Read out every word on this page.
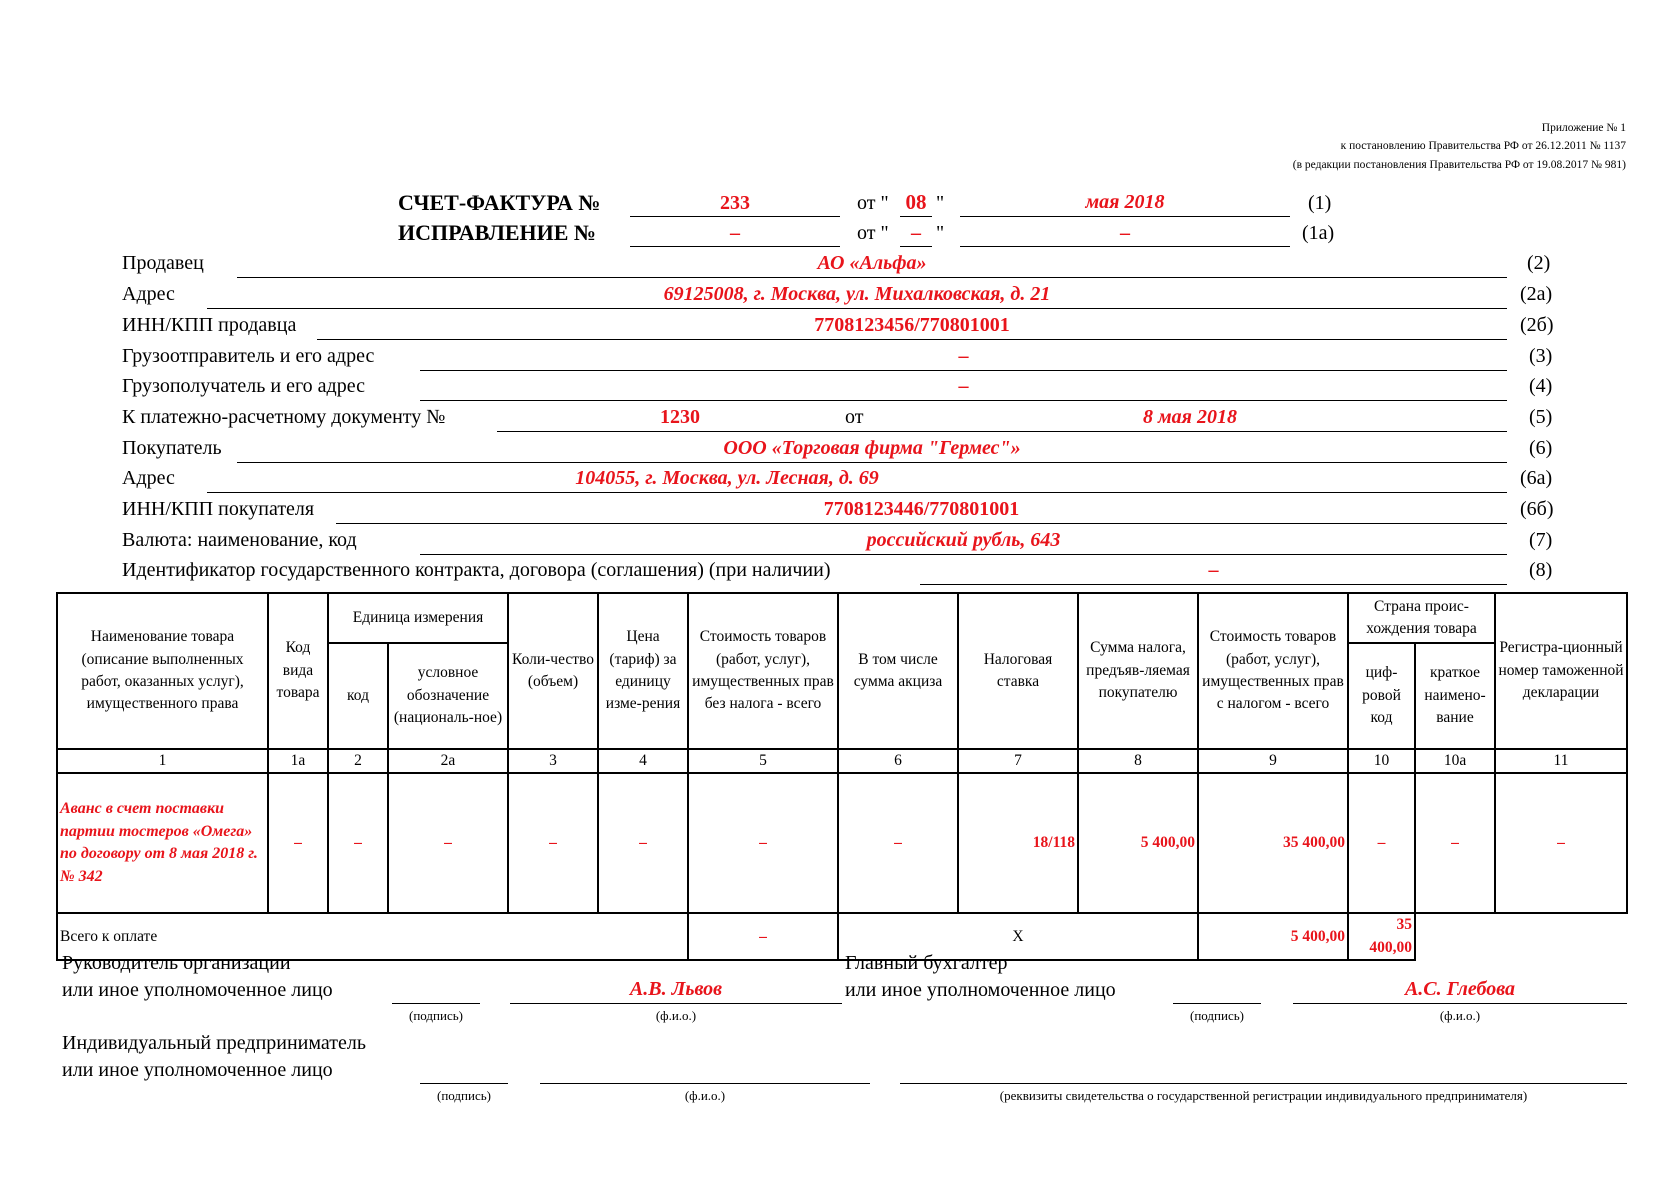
Приложение № 1
к постановлению Правительства РФ от 26.12.2011 № 1137
(в редакции постановления Правительства РФ от 19.08.2017 № 981)
СЧЕТ-ФАКТУРА №	233	от " 08 "	мая 2018	(1)
ИСПРАВЛЕНИЕ №	–	от "	– "	–	(1а)
Продавец	АО «Альфа»	(2)
Адрес	69125008, г. Москва, ул. Михалковская, д. 21	(2а)
ИНН/КПП продавца	7708123456/770801001	(2б)
Грузоотправитель и его адрес	–	(3)
Грузополучатель и его адрес	–	(4)
К платежно-расчетному документу №	1230	от	8 мая 2018	(5)
Покупатель	ООО «Торговая фирма "Гермес"»	(6)
Адрес	104055, г. Москва, ул. Лесная, д. 69	(6а)
ИНН/КПП покупателя	7708123446/770801001	(6б)
Валюта: наименование, код	российский рубль, 643	(7)
Идентификатор государственного контракта, договора (соглашения) (при наличии)	–	(8)
Наименование товара (описание выполненных работ, оказанных услуг), имущественного права	Код вида товара	Единица измерения		Коли-чество (объем)	Цена (тариф) за единицу изме-рения	Стоимость товаров (работ, услуг), имущественных прав без налога - всего	В том числе сумма акциза	Налоговая ставка	Сумма налога, предъяв-ляемая покупателю	Стоимость товаров (работ, услуг), имущественных прав с налогом - всего	Страна проис-хождения товара		Регистра-ционный номер таможенной декларации
		код	условное обозначение (националь-ное)								циф-ровой код	краткое наимено-вание	
1	1а	2	2а	3	4	5	6	7	8	9	10	10а	11
Аванс в счет поставки партии тостеров «Омега» по договору от 8 мая 2018 г. № 342	–	–	–	–	–	–	–	18/118	5 400,00	35 400,00	–	–	–
Всего к оплате						–	X			5 400,00	35 400,00		
Руководитель организации
или иное уполномоченное лицо
(подпись)
А.В. Львов
(ф.и.о.)
Главный бухгалтер
или иное уполномоченное лицо
(подпись)
А.С. Глебова
(ф.и.о.)
Индивидуальный предприниматель
или иное уполномоченное лицо
(подпись)	(ф.и.о.)	(реквизиты свидетельства о государственной регистрации индивидуального предпринимателя)
